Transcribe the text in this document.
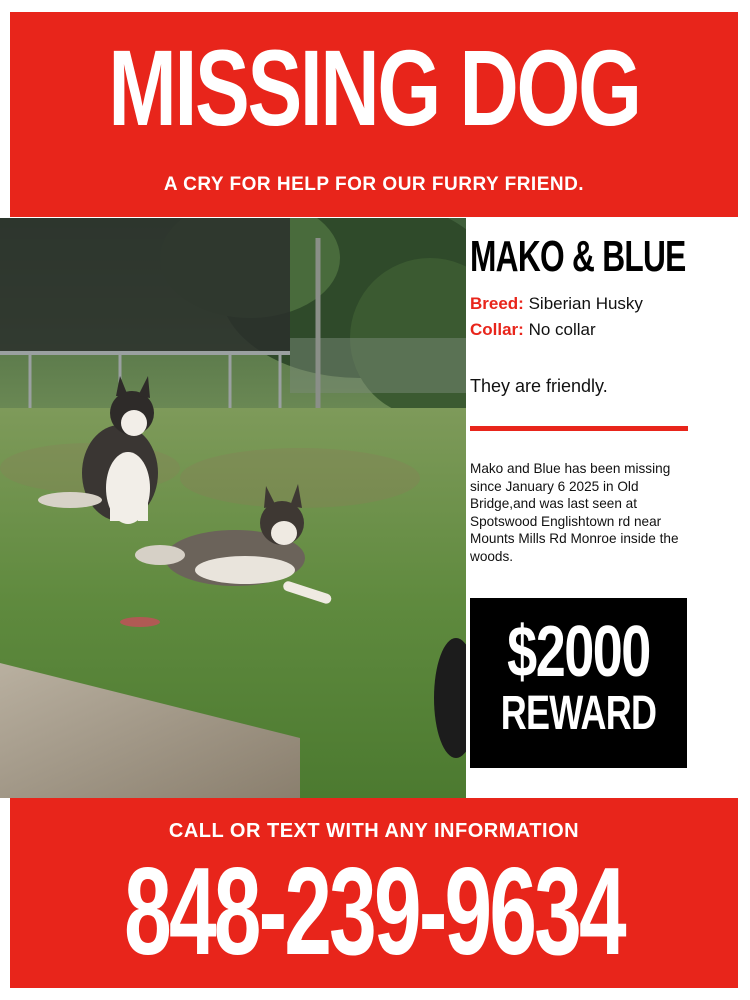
MISSING DOG
A CRY FOR HELP FOR OUR FURRY FRIEND.
MAKO & BLUE
Breed: Siberian Husky
Collar: No collar
They are friendly.
Mako and Blue has been missing since January 6 2025 in Old Bridge,and was last seen at Spotswood Englishtown rd near Mounts Mills Rd Monroe inside the woods.
$2000
REWARD
CALL OR TEXT WITH ANY INFORMATION
848-239-9634
